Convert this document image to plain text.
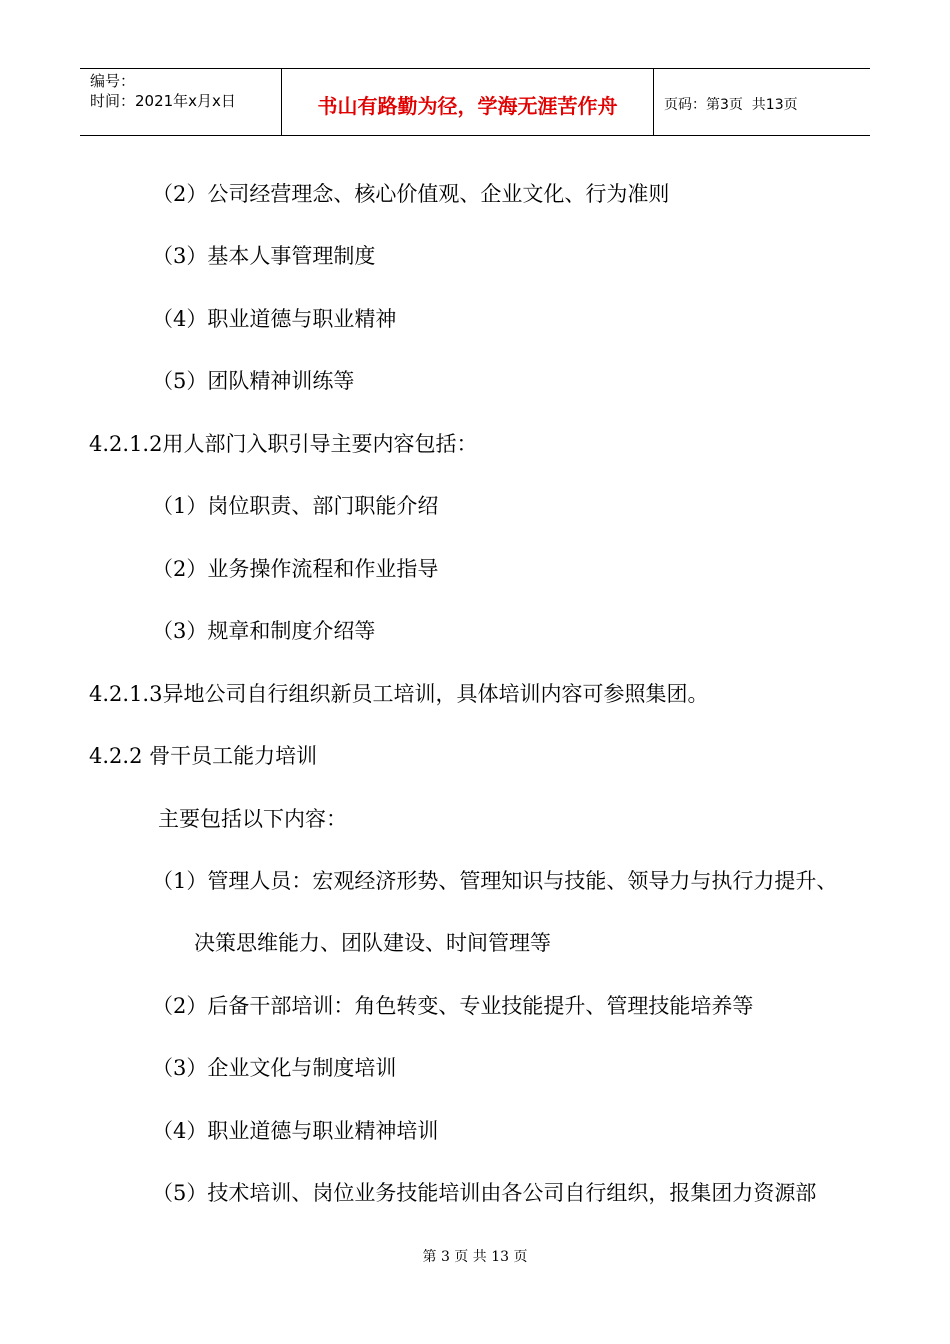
编号：
时间：2021年x月x日	书山有路勤为径，学海无涯苦作舟	页码：第3页  共13页
（2）公司经营理念、核心价值观、企业文化、行为准则
（3）基本人事管理制度
（4）职业道德与职业精神
（5）团队精神训练等
4.2.1.2用人部门入职引导主要内容包括：
（1）岗位职责、部门职能介绍
（2）业务操作流程和作业指导
（3）规章和制度介绍等
4.2.1.3异地公司自行组织新员工培训，具体培训内容可参照集团。
4.2.2 骨干员工能力培训
主要包括以下内容：
（1）管理人员：宏观经济形势、管理知识与技能、领导力与执行力提升、
决策思维能力、团队建设、时间管理等
（2）后备干部培训：角色转变、专业技能提升、管理技能培养等
（3）企业文化与制度培训
（4）职业道德与职业精神培训
（5）技术培训、岗位业务技能培训由各公司自行组织，报集团力资源部
第 3 页 共 13 页
